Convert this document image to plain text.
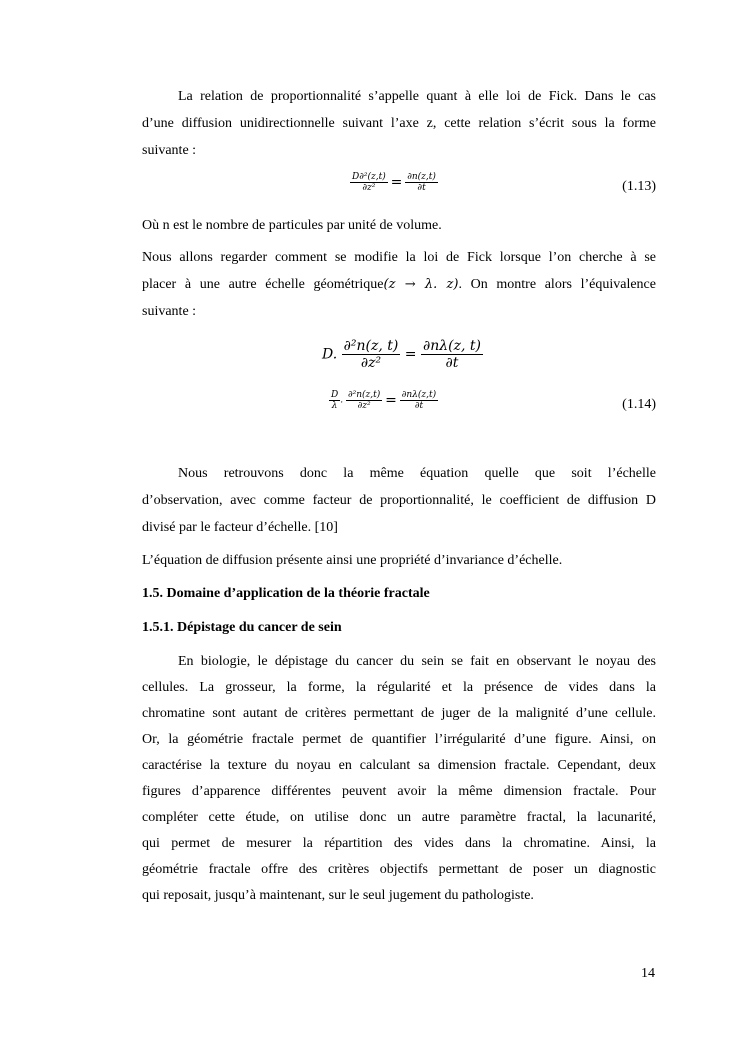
La relation de proportionnalité s’appelle quant à elle loi de Fick. Dans le cas
d’une diffusion unidirectionnelle suivant l’axe z, cette relation s’écrit sous la forme
suivante :
$\frac{\text{D∂²(z,t)}}{\text{∂z²}} = \frac{\partial n(z,t)}{\partial t}$	(1.13)
Où n est le nombre de particules par unité de volume.
Nous allons regarder comment se modifie la loi de Fick lorsque l’on cherche à se
placer à une autre échelle géométrique(z → λ. z). On montre alors l’équivalence
suivante :
D. $\frac{\text{∂²n(z, t)}}{\text{∂z²}} = \frac{\partial n\lambda(z, t)}{\partial t}$
$\frac{D}{\lambda}$ . $\frac{\text{∂²n(z,t)}}{\text{∂z²}} = \frac{\partial n\lambda(z,t)}{\partial t}$	(1.14)
Nous retrouvons donc la même équation quelle que soit l’échelle
d’observation, avec comme facteur de proportionnalité, le coefficient de diffusion D
divisé par le facteur d’échelle. [10]
L’équation de diffusion présente ainsi une propriété d’invariance d’échelle.
1.5. Domaine d’application de la théorie fractale
1.5.1. Dépistage du cancer de sein
En biologie, le dépistage du cancer du sein se fait en observant le noyau des
cellules. La grosseur, la forme, la régularité et la présence de vides dans la
chromatine sont autant de critères permettant de juger de la malignité d’une cellule.
Or, la géométrie fractale permet de quantifier l’irrégularité d’une figure. Ainsi, on
caractérise la texture du noyau en calculant sa dimension fractale. Cependant, deux
figures d’apparence différentes peuvent avoir la même dimension fractale. Pour
compléter cette étude, on utilise donc un autre paramètre fractal, la lacunarité,
qui permet de mesurer la répartition des vides dans la chromatine. Ainsi, la
géométrie fractale offre des critères objectifs permettant de poser un diagnostic
qui reposait, jusqu’à maintenant, sur le seul jugement du pathologiste.
14
